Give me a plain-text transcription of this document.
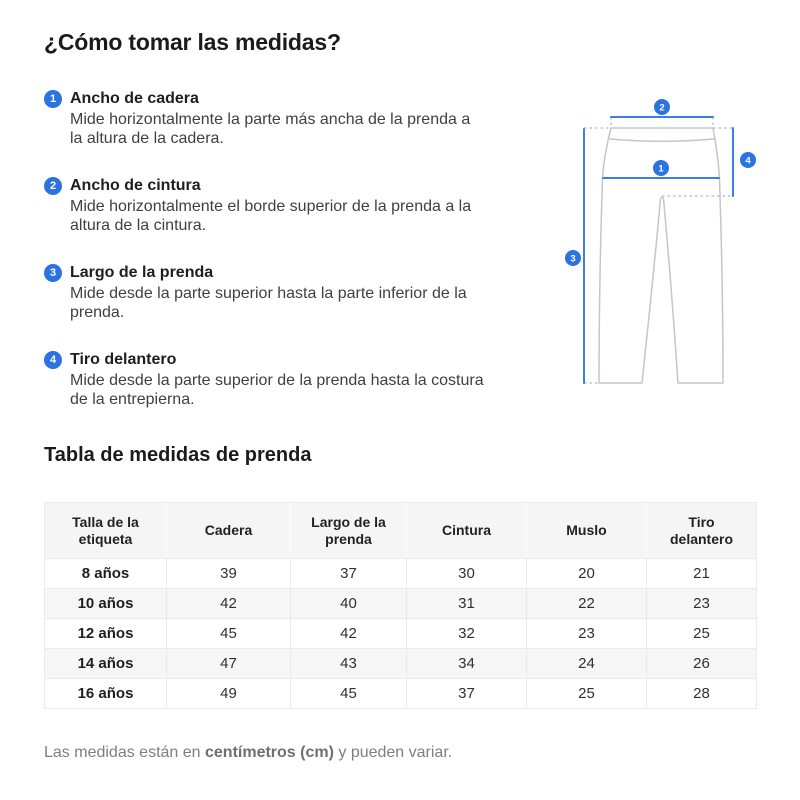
¿Cómo tomar las medidas?
1 Ancho de cadera
Mide horizontalmente la parte más ancha de la prenda a
la altura de la cadera.
2 Ancho de cintura
Mide horizontalmente el borde superior de la prenda a la
altura de la cintura.
3 Largo de la prenda
Mide desde la parte superior hasta la parte inferior de la
prenda.
4 Tiro delantero
Mide desde la parte superior de la prenda hasta la costura
de la entrepierna.
2
1
3
4
Tabla de medidas de prenda
Talla de la etiqueta	Cadera	Largo de la prenda	Cintura	Muslo	Tiro delantero
8 años	39	37	30	20	21
10 años	42	40	31	22	23
12 años	45	42	32	23	25
14 años	47	43	34	24	26
16 años	49	45	37	25	28

Las medidas están en centímetros (cm) y pueden variar.
